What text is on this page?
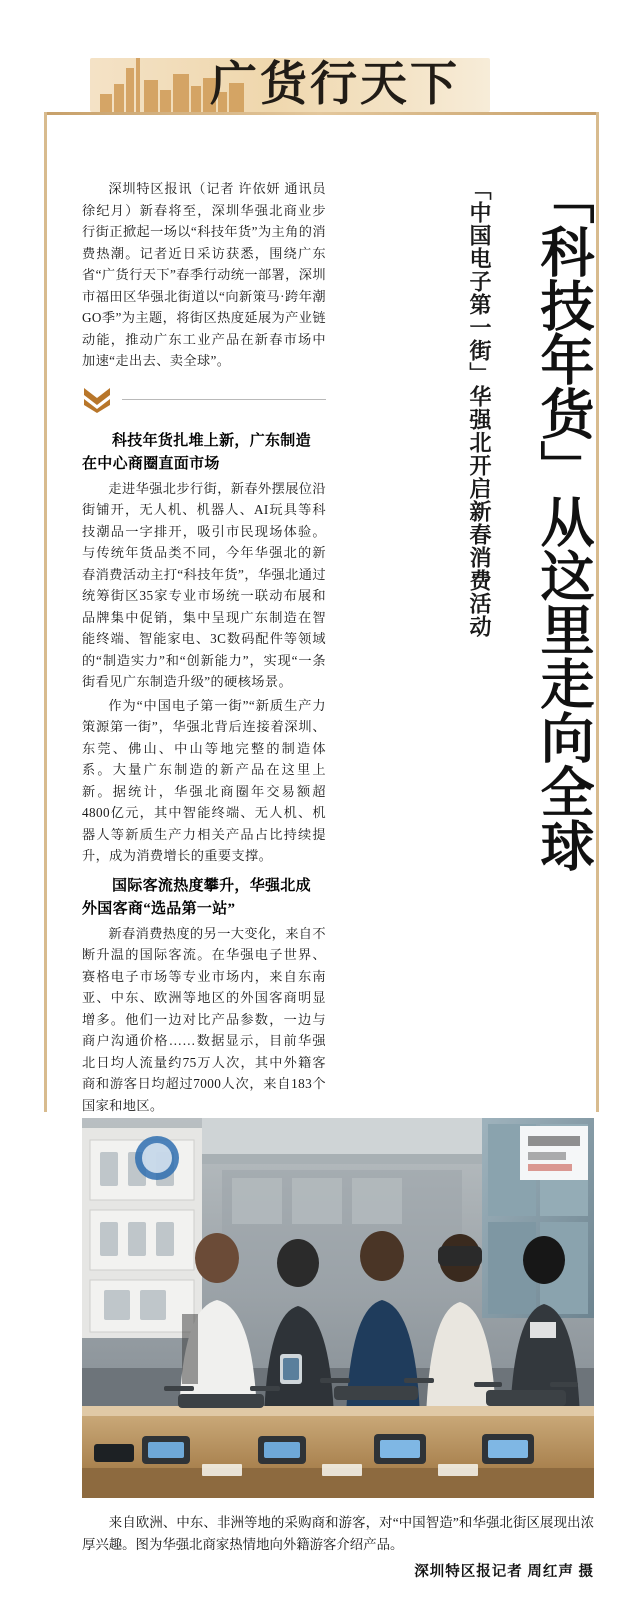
广货行天下
「科技年货」从这里走向全球
「中国电子第一街」华强北开启新春消费活动

深圳特区报讯（记者 许依妍 通讯员 徐纪月）新春将至，深圳华强北商业步行街正掀起一场以“科技年货”为主角的消费热潮。记者近日采访获悉，围绕广东省“广货行天下”春季行动统一部署，深圳市福田区华强北街道以“向新策马·跨年潮GO季”为主题，将街区热度延展为产业链动能，推动广东工业产品在新春市场中加速“走出去、卖全球”。

科技年货扎堆上新，广东制造在中心商圈直面市场

走进华强北步行街，新春外摆展位沿街铺开，无人机、机器人、AI玩具等科技潮品一字排开，吸引市民现场体验。与传统年货品类不同，今年华强北的新春消费活动主打“科技年货”，华强北通过统筹街区35家专业市场统一联动布展和品牌集中促销，集中呈现广东制造在智能终端、智能家电、3C数码配件等领域的“制造实力”和“创新能力”，实现“一条街看见广东制造升级”的硬核场景。

作为“中国电子第一街”“新质生产力策源第一街”，华强北背后连接着深圳、东莞、佛山、中山等地完整的制造体系。大量广东制造的新产品在这里上新。据统计，华强北商圈年交易额超4800亿元，其中智能终端、无人机、机器人等新质生产力相关产品占比持续提升，成为消费增长的重要支撑。

国际客流热度攀升，华强北成外国客商“选品第一站”

新春消费热度的另一大变化，来自不断升温的国际客流。在华强电子世界、赛格电子市场等专业市场内，来自东南亚、中东、欧洲等地区的外国客商明显增多。他们一边对比产品参数，一边与商户沟通价格……数据显示，目前华强北日均人流量约75万人次，其中外籍客商和游客日均超过7000人次，来自183个国家和地区。

来自欧洲、中东、非洲等地的采购商和游客，对“中国智造”和华强北街区展现出浓厚兴趣。图为华强北商家热情地向外籍游客介绍产品。
深圳特区报记者 周红声 摄
